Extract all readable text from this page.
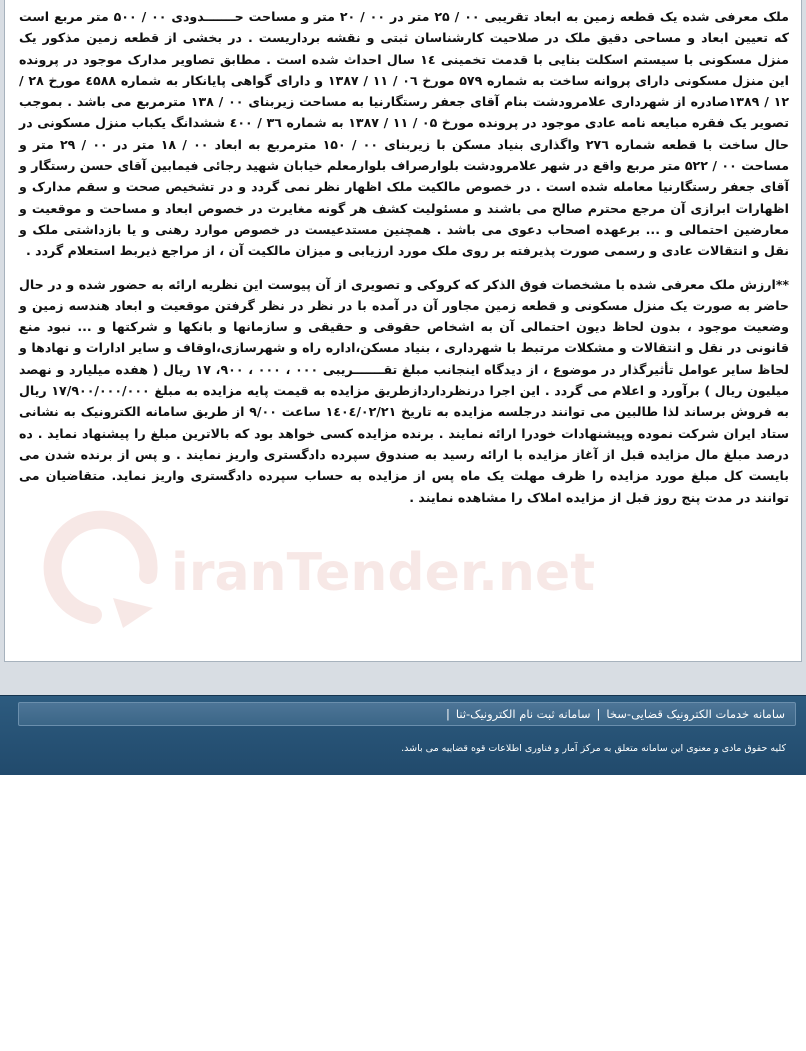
iranTender.net
ملک معرفی شده یک قطعه زمین به ابعاد تقریبی ۰۰ / ۲۵ متر در ۰۰ / ۲۰ متر و مساحت حـــــــدودی ۰۰ / ۵۰۰ متر مربع است که تعیین ابعاد و مساحی دقیق ملک در صلاحیت کارشناسان ثبتی و نقشه برداریست . در بخشی از قطعه زمین مذکور یک منزل مسکونی با سیستم اسکلت بنایی با قدمت تخمینی ۱٤ سال احداث شده است . مطابق تصاویر مدارک موجود در پرونده این منزل مسکونی دارای پروانه ساخت به شماره ۵۷۹ مورخ ۰٦ / ۱۱ / ۱۳۸۷ و دارای گواهی پایانکار به شماره ٤۵۸۸ مورخ ۲۸ / ۱۲ / ۱۳۸۹صادره از شهرداری علامرودشت بنام آقای جعفر رستگارنیا به مساحت زیربنای ۰۰ / ۱۳۸ مترمربع می باشد . بموجب تصویر یک فقره مبایعه نامه عادی موجود در پرونده مورخ ۰۵ / ۱۱ / ۱۳۸۷ به شماره ۳٦ / ٤۰۰ ششدانگ یکباب منزل مسکونی در حال ساخت با قطعه شماره ۲۷٦ واگذاری بنیاد مسکن با زیربنای ۰۰ / ۱۵۰ مترمربع به ابعاد ۰۰ / ۱۸ متر در ۰۰ / ۲۹ متر و مساحت ۰۰ / ۵۲۲ متر مربع واقع در شهر علامرودشت بلوارصراف بلوارمعلم خیابان شهید رجائی فیمابین آقای حسن رستگار و آقای جعفر رستگارنیا معامله شده است . در خصوص مالکیت ملک اظهار نظر نمی گردد و در تشخیص صحت و سقم مدارک و اظهارات ابرازی آن مرجع محترم صالح می باشند و مسئولیت کشف هر گونه مغایرت در خصوص ابعاد و مساحت و موقعیت و معارضین احتمالی و ... برعهده اصحاب دعوی می باشد . همچنین مستدعیست در خصوص موارد رهنی و یا بازداشتی ملک و نقل و انتقالات عادی و رسمی صورت پذیرفته بر روی ملک مورد ارزیابی و میزان مالکیت آن ، از مراجع ذیربط استعلام گردد .
**ارزش ملک معرفی شده با مشخصات فوق الذکر که کروکی و تصویری از آن پیوست این نظریه ارائه به حضور شده و در حال حاضر به صورت یک منزل مسکونی و قطعه زمین مجاور آن در آمده با در نظر در نظر گرفتن موقعیت و ابعاد هندسه زمین و وضعیت موجود ، بدون لحاظ دیون احتمالی آن به اشخاص حقوقی و حقیقی و سازمانها و بانکها و شرکتها و ... نبود منع قانونی در نقل و انتقالات و مشکلات مرتبط با شهرداری ، بنیاد مسکن،اداره راه و شهرسازی،اوقاف و سایر ادارات و نهادها و لحاظ سایر عوامل تأثیرگذار در موضوع ، از دیدگاه اینجانب مبلغ تقـــــــریبی ۰۰۰ ، ۰۰۰ ، ۹۰۰، ۱۷ ریال ( هفده میلیارد و نهصد میلیون ریال ) برآورد و اعلام می گردد . این اجرا درنظرداردازطریق مزایده به قیمت پایه مزایده به مبلغ ۱۷/۹۰۰/۰۰۰/۰۰۰ ریال به فروش برساند لذا طالبین می توانند درجلسه مزایده به تاریخ ۱٤۰٤/۰۲/۲۱ ساعت ۹/۰۰ از طریق سامانه الکترونیک به نشانی ستاد ایران شرکت نموده وپیشنهادات خودرا ارائه نمایند . برنده مزایده کسی خواهد بود که بالاترین مبلغ را پیشنهاد نماید . ده درصد مبلغ مال مزایده قبل از آغاز مزایده با ارائه رسید به صندوق سپرده دادگستری واریز نمایند . و پس از برنده شدن می بایست کل مبلغ مورد مزایده را ظرف مهلت یک ماه پس از مزایده به حساب سپرده دادگستری واریز نماید. متقاضیان می توانند در مدت پنج روز قبل از مزایده املاک را مشاهده نمایند .
سامانه خدمات الکترونیک قضایی-سخا
|
سامانه ثبت نام الکترونیک-ثنا
|
کلیه حقوق مادی و معنوی این سامانه متعلق به مرکز آمار و فناوری اطلاعات قوه قضاییه می باشد.
